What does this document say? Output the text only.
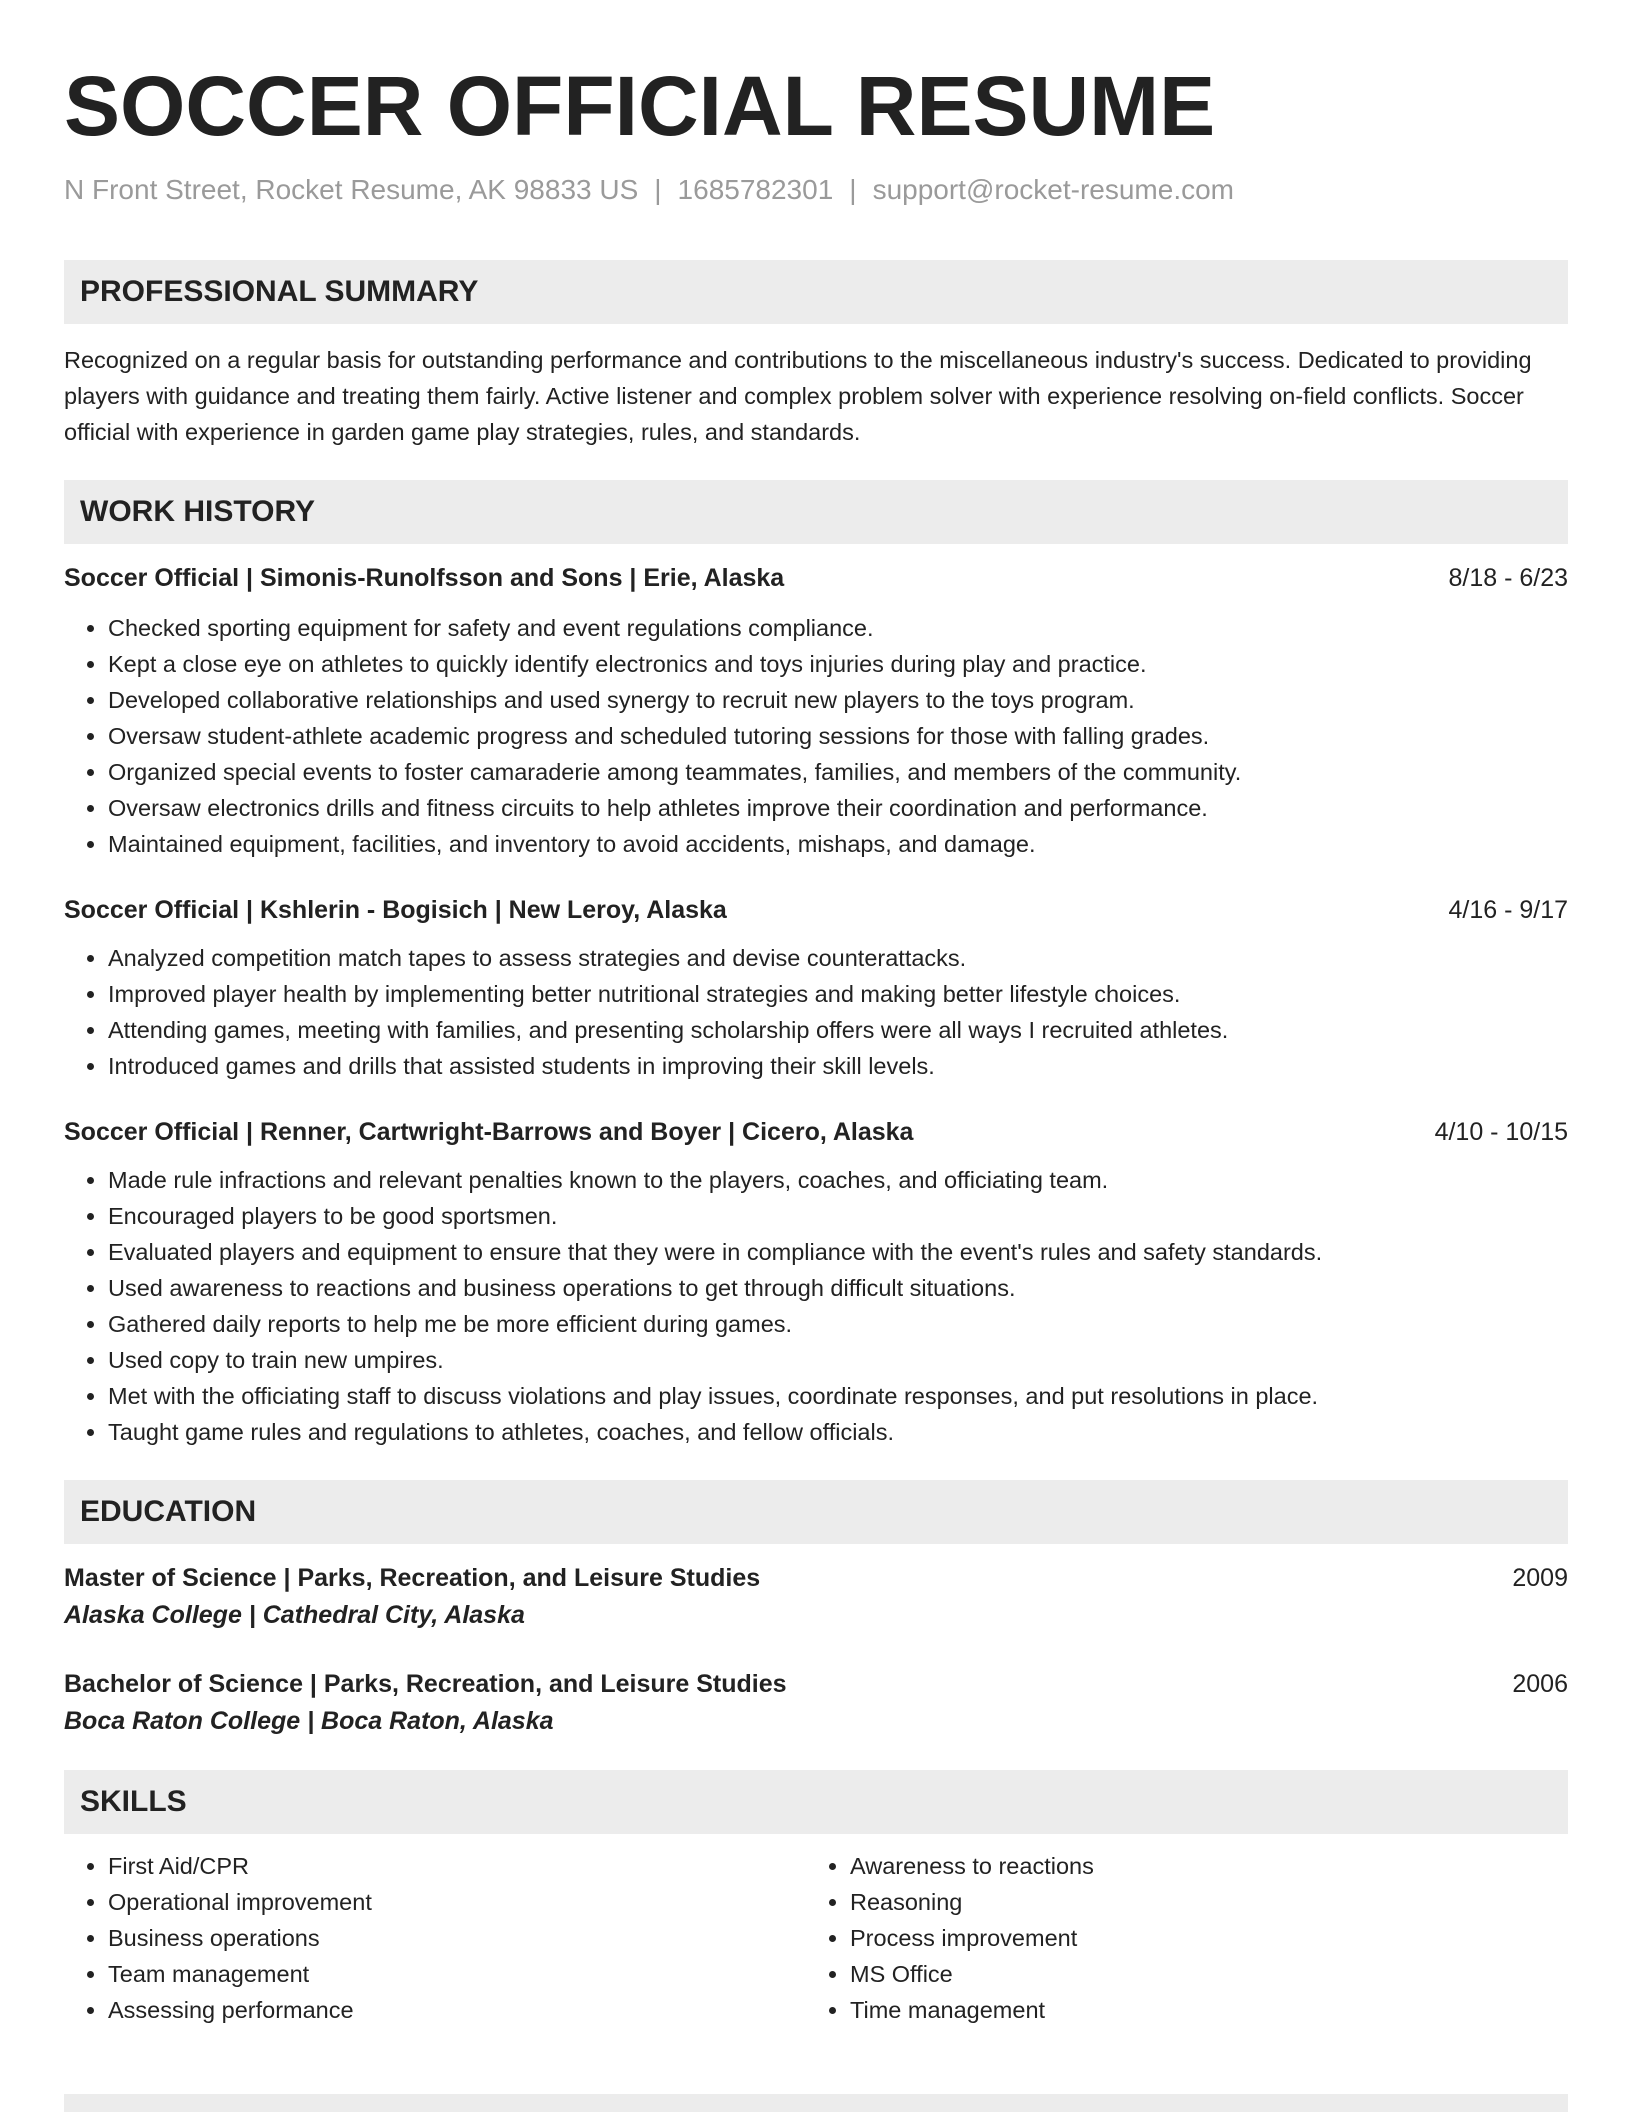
SOCCER OFFICIAL RESUME
N Front Street, Rocket Resume, AK 98833 US | 1685782301 | support@rocket-resume.com
PROFESSIONAL SUMMARY
Recognized on a regular basis for outstanding performance and contributions to the miscellaneous industry's success. Dedicated to providing players with guidance and treating them fairly. Active listener and complex problem solver with experience resolving on-field conflicts. Soccer official with experience in garden game play strategies, rules, and standards.
WORK HISTORY
Soccer Official | Simonis-Runolfsson and Sons | Erie, Alaska	8/18 - 6/23
• Checked sporting equipment for safety and event regulations compliance.
• Kept a close eye on athletes to quickly identify electronics and toys injuries during play and practice.
• Developed collaborative relationships and used synergy to recruit new players to the toys program.
• Oversaw student-athlete academic progress and scheduled tutoring sessions for those with falling grades.
• Organized special events to foster camaraderie among teammates, families, and members of the community.
• Oversaw electronics drills and fitness circuits to help athletes improve their coordination and performance.
• Maintained equipment, facilities, and inventory to avoid accidents, mishaps, and damage.
Soccer Official | Kshlerin - Bogisich | New Leroy, Alaska	4/16 - 9/17
• Analyzed competition match tapes to assess strategies and devise counterattacks.
• Improved player health by implementing better nutritional strategies and making better lifestyle choices.
• Attending games, meeting with families, and presenting scholarship offers were all ways I recruited athletes.
• Introduced games and drills that assisted students in improving their skill levels.
Soccer Official | Renner, Cartwright-Barrows and Boyer | Cicero, Alaska	4/10 - 10/15
• Made rule infractions and relevant penalties known to the players, coaches, and officiating team.
• Encouraged players to be good sportsmen.
• Evaluated players and equipment to ensure that they were in compliance with the event's rules and safety standards.
• Used awareness to reactions and business operations to get through difficult situations.
• Gathered daily reports to help me be more efficient during games.
• Used copy to train new umpires.
• Met with the officiating staff to discuss violations and play issues, coordinate responses, and put resolutions in place.
• Taught game rules and regulations to athletes, coaches, and fellow officials.
EDUCATION
Master of Science | Parks, Recreation, and Leisure Studies	2009
Alaska College | Cathedral City, Alaska
Bachelor of Science | Parks, Recreation, and Leisure Studies	2006
Boca Raton College | Boca Raton, Alaska
SKILLS
• First Aid/CPR
• Operational improvement
• Business operations
• Team management
• Assessing performance
• Awareness to reactions
• Reasoning
• Process improvement
• MS Office
• Time management
